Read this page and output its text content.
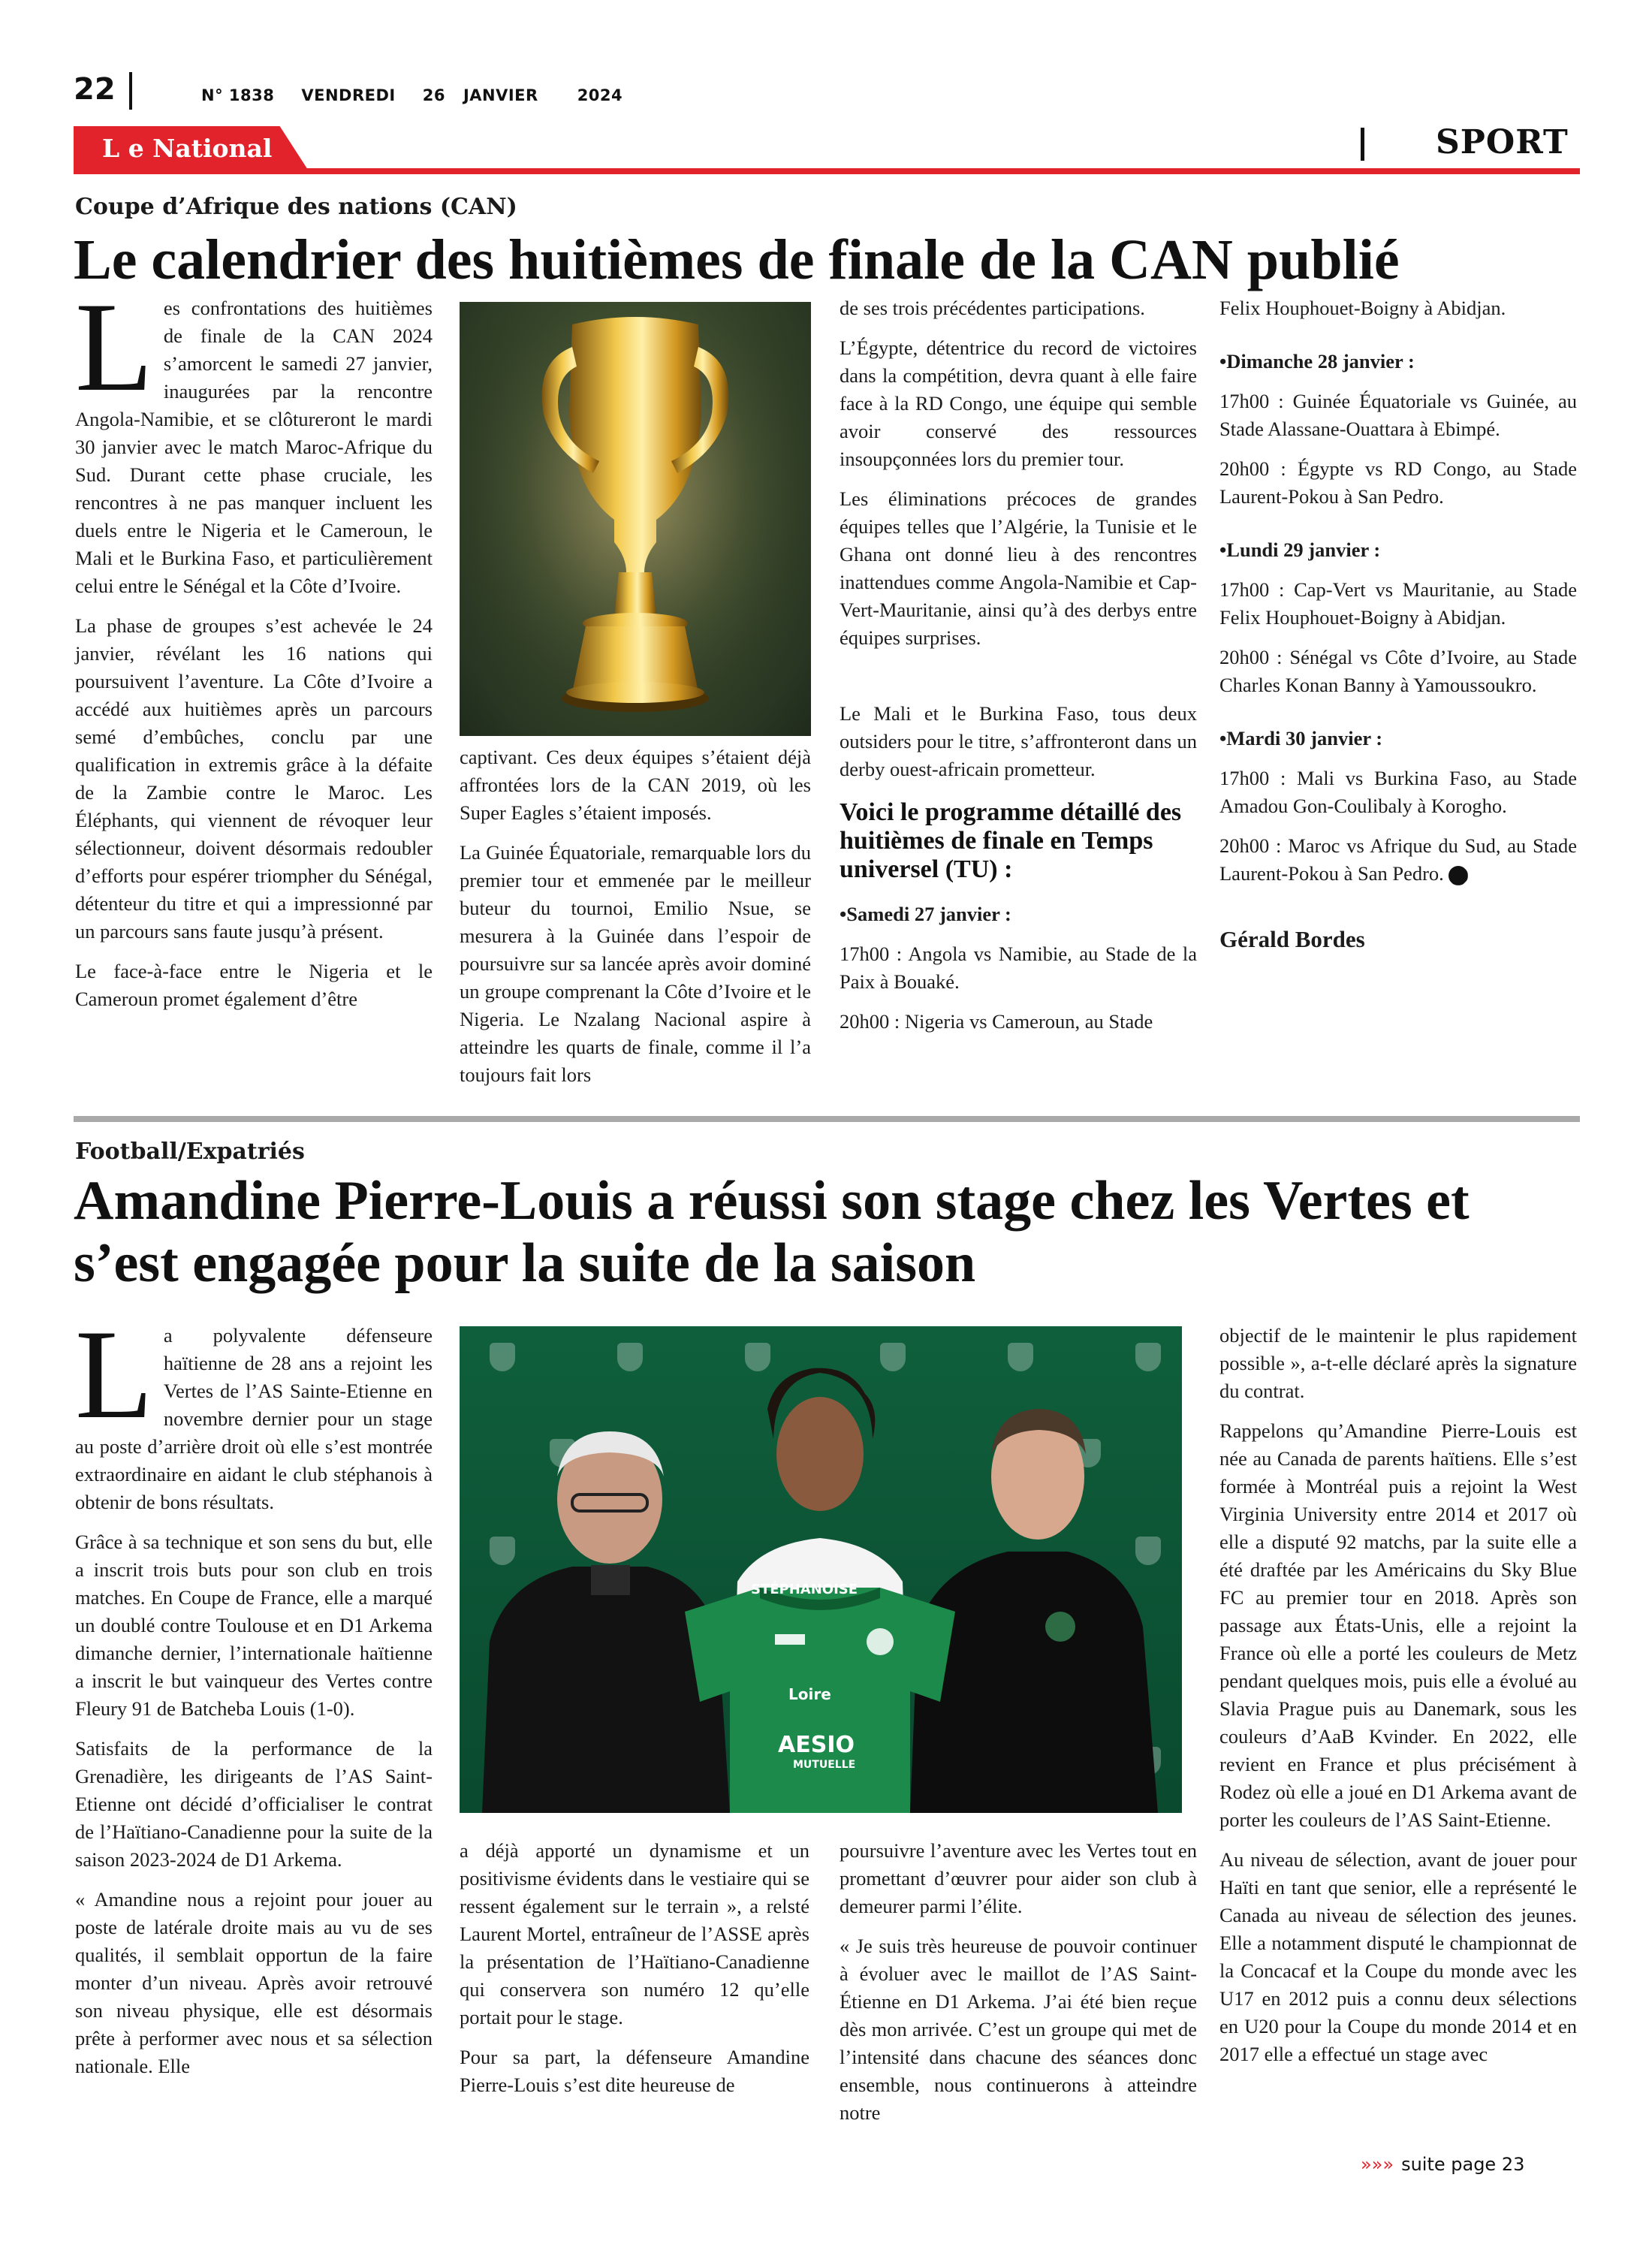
22	N° 1838 VENDREDI 26 JANVIER 2024
L e National	SPORT
Coupe d’Afrique des nations (CAN)
Le calendrier des huitièmes de finale de la CAN publié

Les confrontations des huitièmes de finale de la CAN 2024 s’amorcent le samedi 27 janvier, inaugurées par la rencontre Angola-Namibie, et se clôtureront le mardi 30 janvier avec le match Maroc-Afrique du Sud. Durant cette phase cruciale, les rencontres à ne pas manquer incluent les duels entre le Nigeria et le Cameroun, le Mali et le Burkina Faso, et particulièrement celui entre le Sénégal et la Côte d’Ivoire.

La phase de groupes s’est achevée le 24 janvier, révélant les 16 nations qui poursuivent l’aventure. La Côte d’Ivoire a accédé aux huitièmes après un parcours semé d’embûches, conclu par une qualification in extremis grâce à la défaite de la Zambie contre le Maroc. Les Éléphants, qui viennent de révoquer leur sélectionneur, doivent désormais redoubler d’efforts pour espérer triompher du Sénégal, détenteur du titre et qui a impressionné par un parcours sans faute jusqu’à présent.

Le face-à-face entre le Nigeria et le Cameroun promet également d’être

captivant. Ces deux équipes s’étaient déjà affrontées lors de la CAN 2019, où les Super Eagles s’étaient imposés.

La Guinée Équatoriale, remarquable lors du premier tour et emmenée par le meilleur buteur du tournoi, Emilio Nsue, se mesurera à la Guinée dans l’espoir de poursuivre sur sa lancée après avoir dominé un groupe comprenant la Côte d’Ivoire et le Nigeria. Le Nzalang Nacional aspire à atteindre les quarts de finale, comme il l’a toujours fait lors

de ses trois précédentes participations.

L’Égypte, détentrice du record de victoires dans la compétition, devra quant à elle faire face à la RD Congo, une équipe qui semble avoir conservé des ressources insoupçonnées lors du premier tour.

Les éliminations précoces de grandes équipes telles que l’Algérie, la Tunisie et le Ghana ont donné lieu à des rencontres inattendues comme Angola-Namibie et Cap-Vert-Mauritanie, ainsi qu’à des derbys entre équipes surprises.

Le Mali et le Burkina Faso, tous deux outsiders pour le titre, s’affronteront dans un derby ouest-africain prometteur.

Voici le programme détaillé des huitièmes de finale en Temps universel (TU) :

•Samedi 27 janvier :

17h00 : Angola vs Namibie, au Stade de la Paix à Bouaké.

20h00 : Nigeria vs Cameroun, au Stade

Felix Houphouet-Boigny à Abidjan.

•Dimanche 28 janvier :

17h00 : Guinée Équatoriale vs Guinée, au Stade Alassane-Ouattara à Ebimpé.

20h00 : Égypte vs RD Congo, au Stade Laurent-Pokou à San Pedro.

•Lundi 29 janvier :

17h00 : Cap-Vert vs Mauritanie, au Stade Felix Houphouet-Boigny à Abidjan.

20h00 : Sénégal vs Côte d’Ivoire, au Stade Charles Konan Banny à Yamoussoukro.

•Mardi 30 janvier :

17h00 : Mali vs Burkina Faso, au Stade Amadou Gon-Coulibaly à Korogho.

20h00 : Maroc vs Afrique du Sud, au Stade Laurent-Pokou à San Pedro.

Gérald Bordes

Football/Expatriés
Amandine Pierre-Louis a réussi son stage chez les Vertes et s’est engagée pour la suite de la saison

La polyvalente défenseure haïtienne de 28 ans a rejoint les Vertes de l’AS Sainte-Etienne en novembre dernier pour un stage au poste d’arrière droit où elle s’est montrée extraordinaire en aidant le club stéphanois à obtenir de bons résultats.

Grâce à sa technique et son sens du but, elle a inscrit trois buts pour son club en trois matches. En Coupe de France, elle a marqué un doublé contre Toulouse et en D1 Arkema dimanche dernier, l’internationale haïtienne a inscrit le but vainqueur des Vertes contre Fleury 91 de Batcheba Louis (1-0).

Satisfaits de la performance de la Grenadière, les dirigeants de l’AS Saint-Etienne ont décidé d’officialiser le contrat de l’Haïtiano-Canadienne pour la suite de la saison 2023-2024 de D1 Arkema.

« Amandine nous a rejoint pour jouer au poste de latérale droite mais au vu de ses qualités, il semblait opportun de la faire monter d’un niveau. Après avoir retrouvé son niveau physique, elle est désormais prête à performer avec nous et sa sélection nationale. Elle

STÉPHANOISE
Loire
AESIO
MUTUELLE

a déjà apporté un dynamisme et un positivisme évidents dans le vestiaire qui se ressent également sur le terrain », a relsté Laurent Mortel, entraîneur de l’ASSE après la présentation de l’Haïtiano-Canadienne qui conservera son numéro 12 qu’elle portait pour le stage.

Pour sa part, la défenseure Amandine Pierre-Louis s’est dite heureuse de

poursuivre l’aventure avec les Vertes tout en promettant d’œuvrer pour aider son club à demeurer parmi l’élite.

« Je suis très heureuse de pouvoir continuer à évoluer avec le maillot de l’AS Saint-Étienne en D1 Arkema. J’ai été bien reçue dès mon arrivée. C’est un groupe qui met de l’intensité dans chacune des séances donc ensemble, nous continuerons à atteindre notre

objectif de le maintenir le plus rapidement possible », a-t-elle déclaré après la signature du contrat.

Rappelons qu’Amandine Pierre-Louis est née au Canada de parents haïtiens. Elle s’est formée à Montréal puis a rejoint la West Virginia University entre 2014 et 2017 où elle a disputé 92 matchs, par la suite elle a été draftée par les Américains du Sky Blue FC au premier tour en 2018. Après son passage aux États-Unis, elle a rejoint la France où elle a porté les couleurs de Metz pendant quelques mois, puis elle a évolué au Slavia Prague puis au Danemark, sous les couleurs d’AaB Kvinder. En 2022, elle revient en France et plus précisément à Rodez où elle a joué en D1 Arkema avant de porter les couleurs de l’AS Saint-Etienne.

Au niveau de sélection, avant de jouer pour Haïti en tant que senior, elle a représenté le Canada au niveau de sélection des jeunes. Elle a notamment disputé le championnat de la Concacaf et la Coupe du monde avec les U17 en 2012 puis a connu deux sélections en U20 pour la Coupe du monde 2014 et en 2017 elle a effectué un stage avec

»»» suite page 23
